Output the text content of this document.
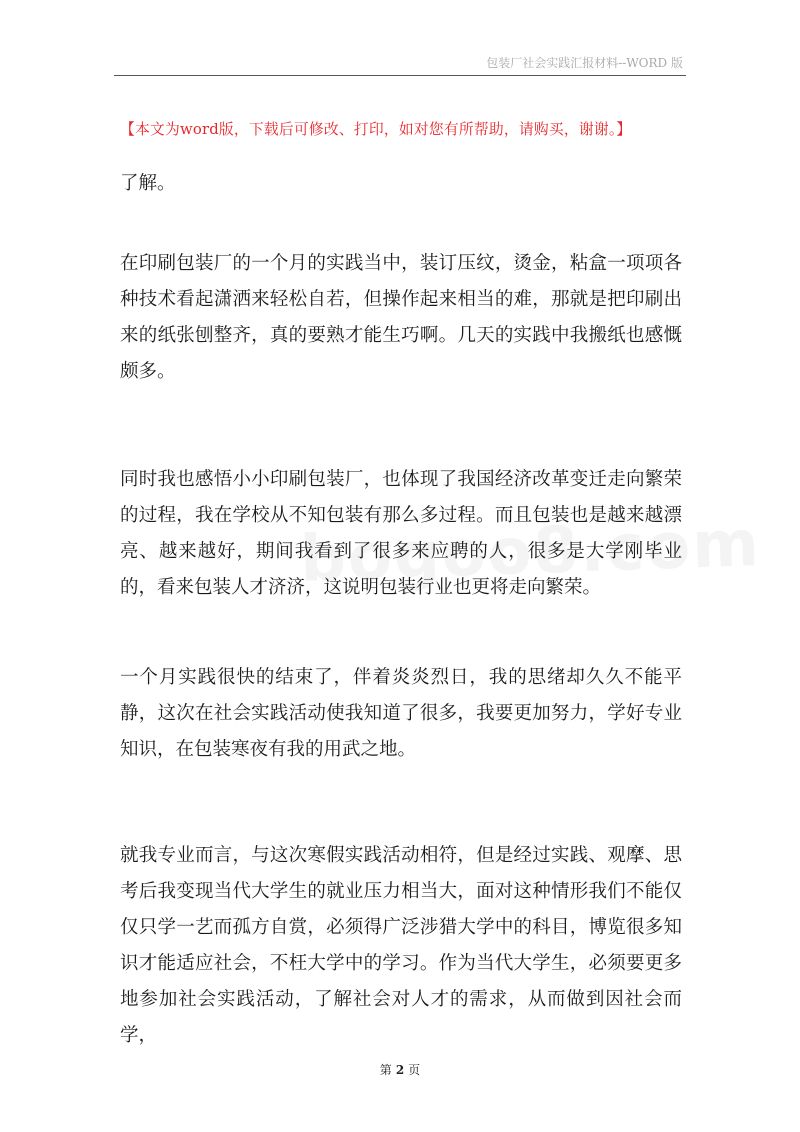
包装厂社会实践汇报材料--WORD 版
【本文为word版，下载后可修改、打印，如对您有所帮助，请购买，谢谢。】
了解。
在印刷包装厂的一个月的实践当中，装订压纹，烫金，粘盒一项项各种技术看起潇洒来轻松自若，但操作起来相当的难，那就是把印刷出来的纸张刨整齐，真的要熟才能生巧啊。几天的实践中我搬纸也感慨颇多。
同时我也感悟小小印刷包装厂，也体现了我国经济改革变迁走向繁荣的过程，我在学校从不知包装有那么多过程。而且包装也是越来越漂亮、越来越好，期间我看到了很多来应聘的人，很多是大学刚毕业的，看来包装人才济济，这说明包装行业也更将走向繁荣。
一个月实践很快的结束了，伴着炎炎烈日，我的思绪却久久不能平静，这次在社会实践活动使我知道了很多，我要更加努力，学好专业知识，在包装寒夜有我的用武之地。
就我专业而言，与这次寒假实践活动相符，但是经过实践、观摩、思考后我变现当代大学生的就业压力相当大，面对这种情形我们不能仅仅只学一艺而孤方自赏，必须得广泛涉猎大学中的科目，博览很多知识才能适应社会，不枉大学中的学习。作为当代大学生，必须要更多地参加社会实践活动，了解社会对人才的需求，从而做到因社会而学，
第 2 页
